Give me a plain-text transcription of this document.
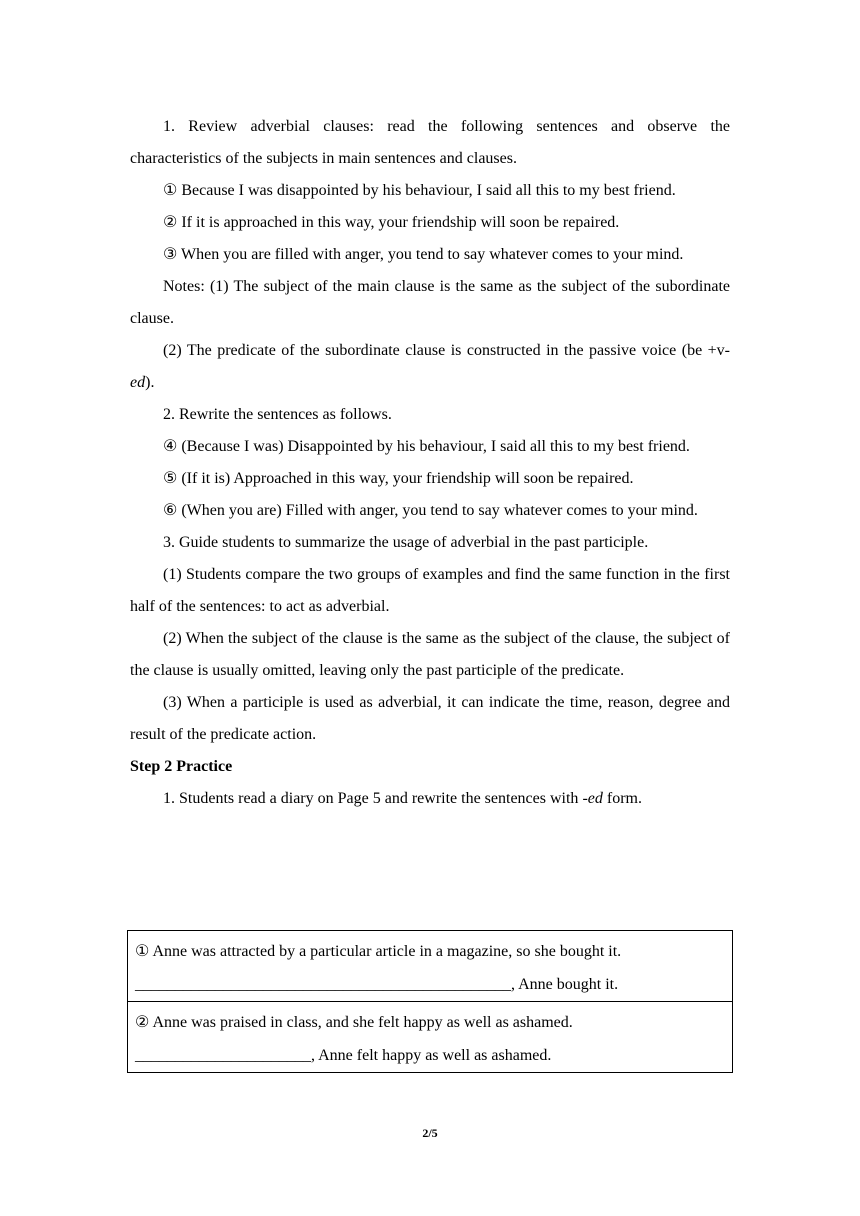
1. Review adverbial clauses: read the following sentences and observe the characteristics of the subjects in main sentences and clauses.

① Because I was disappointed by his behaviour, I said all this to my best friend.

② If it is approached in this way, your friendship will soon be repaired.

③ When you are filled with anger, you tend to say whatever comes to your mind.

Notes: (1) The subject of the main clause is the same as the subject of the subordinate clause.

(2) The predicate of the subordinate clause is constructed in the passive voice (be +v-ed).

2. Rewrite the sentences as follows.

④ (Because I was) Disappointed by his behaviour, I said all this to my best friend.

⑤ (If it is) Approached in this way, your friendship will soon be repaired.

⑥ (When you are) Filled with anger, you tend to say whatever comes to your mind.

3. Guide students to summarize the usage of adverbial in the past participle.

(1) Students compare the two groups of examples and find the same function in the first half of the sentences: to act as adverbial.

(2) When the subject of the clause is the same as the subject of the clause, the subject of the clause is usually omitted, leaving only the past participle of the predicate.

(3) When a participle is used as adverbial, it can indicate the time, reason, degree and result of the predicate action.

Step 2 Practice

1. Students read a diary on Page 5 and rewrite the sentences with -ed form.

① Anne was attracted by a particular article in a magazine, so she bought it.
_______________________________________________, Anne bought it.

② Anne was praised in class, and she felt happy as well as ashamed.
______________________, Anne felt happy as well as ashamed.
2/5
